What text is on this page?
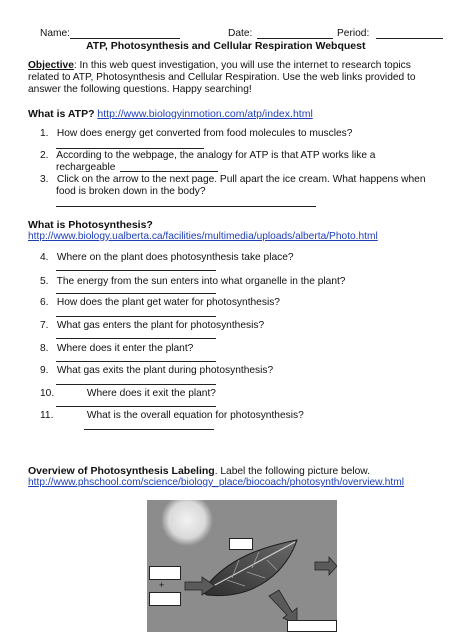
Name:	Date:	Period:
ATP, Photosynthesis and Cellular Respiration Webquest
Objective: In this web quest investigation, you will use the internet to research topics
related to ATP, Photosynthesis and Cellular Respiration. Use the web links provided to
answer the following questions. Happy searching!
What is ATP? http://www.biologyinmotion.com/atp/index.html
1. How does energy get converted from food molecules to muscles?
2. According to the webpage, the analogy for ATP is that ATP works like a
rechargeable
3. Click on the arrow to the next page. Pull apart the ice cream. What happens when
food is broken down in the body?
What is Photosynthesis?
http://www.biology.ualberta.ca/facilities/multimedia/uploads/alberta/Photo.html
4. Where on the plant does photosynthesis take place?
5. The energy from the sun enters into what organelle in the plant?
6. How does the plant get water for photosynthesis?
7. What gas enters the plant for photosynthesis?
8. Where does it enter the plant?
9. What gas exits the plant during photosynthesis?
10.	Where does it exit the plant?
11.	What is the overall equation for photosynthesis?
Overview of Photosynthesis Labeling. Label the following picture below.
http://www.phschool.com/science/biology_place/biocoach/photosynth/overview.html
+
